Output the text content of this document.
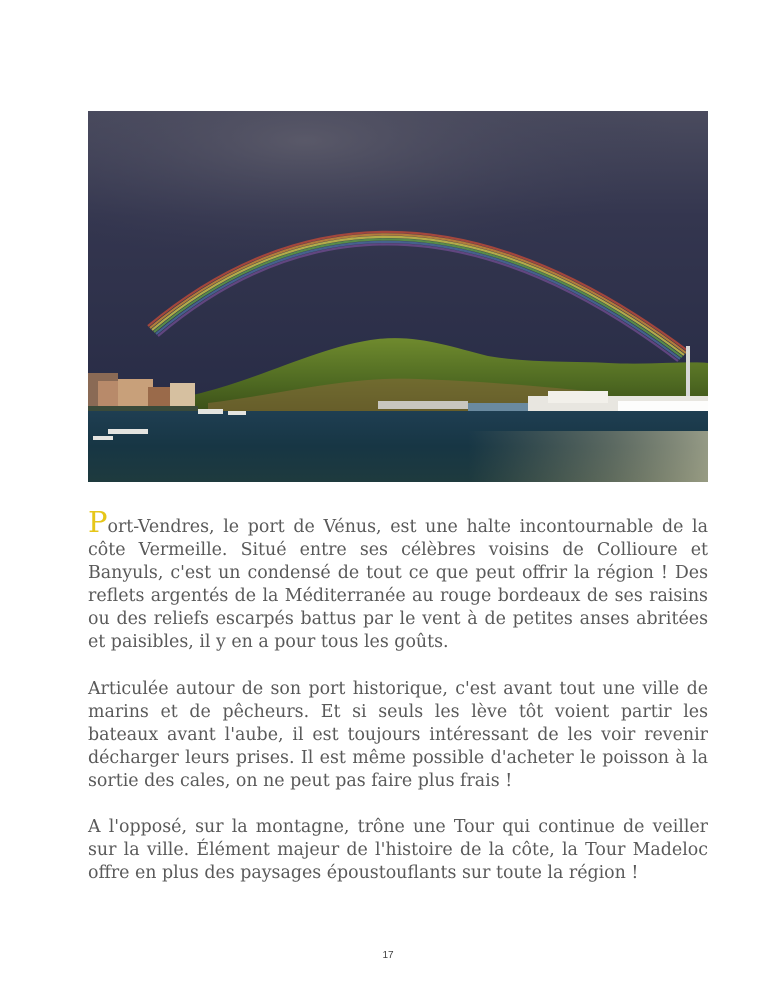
Port-Vendres, le port de Vénus, est une halte incontournable de la côte Vermeille. Situé entre ses célèbres voisins de Collioure et Banyuls, c'est un condensé de tout ce que peut offrir la région ! Des reflets argentés de la Méditerranée au rouge bordeaux de ses raisins ou des reliefs escarpés battus par le vent à de petites anses abritées et paisibles, il y en a pour tous les goûts.

Articulée autour de son port historique, c'est avant tout une ville de marins et de pêcheurs. Et si seuls les lève tôt voient partir les bateaux avant l'aube, il est toujours intéressant de les voir revenir décharger leurs prises. Il est même possible d'acheter le poisson à la sortie des cales, on ne peut pas faire plus frais !

A l'opposé, sur la montagne, trône une Tour qui continue de veiller sur la ville. Élément majeur de l'histoire de la côte, la Tour Madeloc offre en plus des paysages époustouflants sur toute la région !

17
